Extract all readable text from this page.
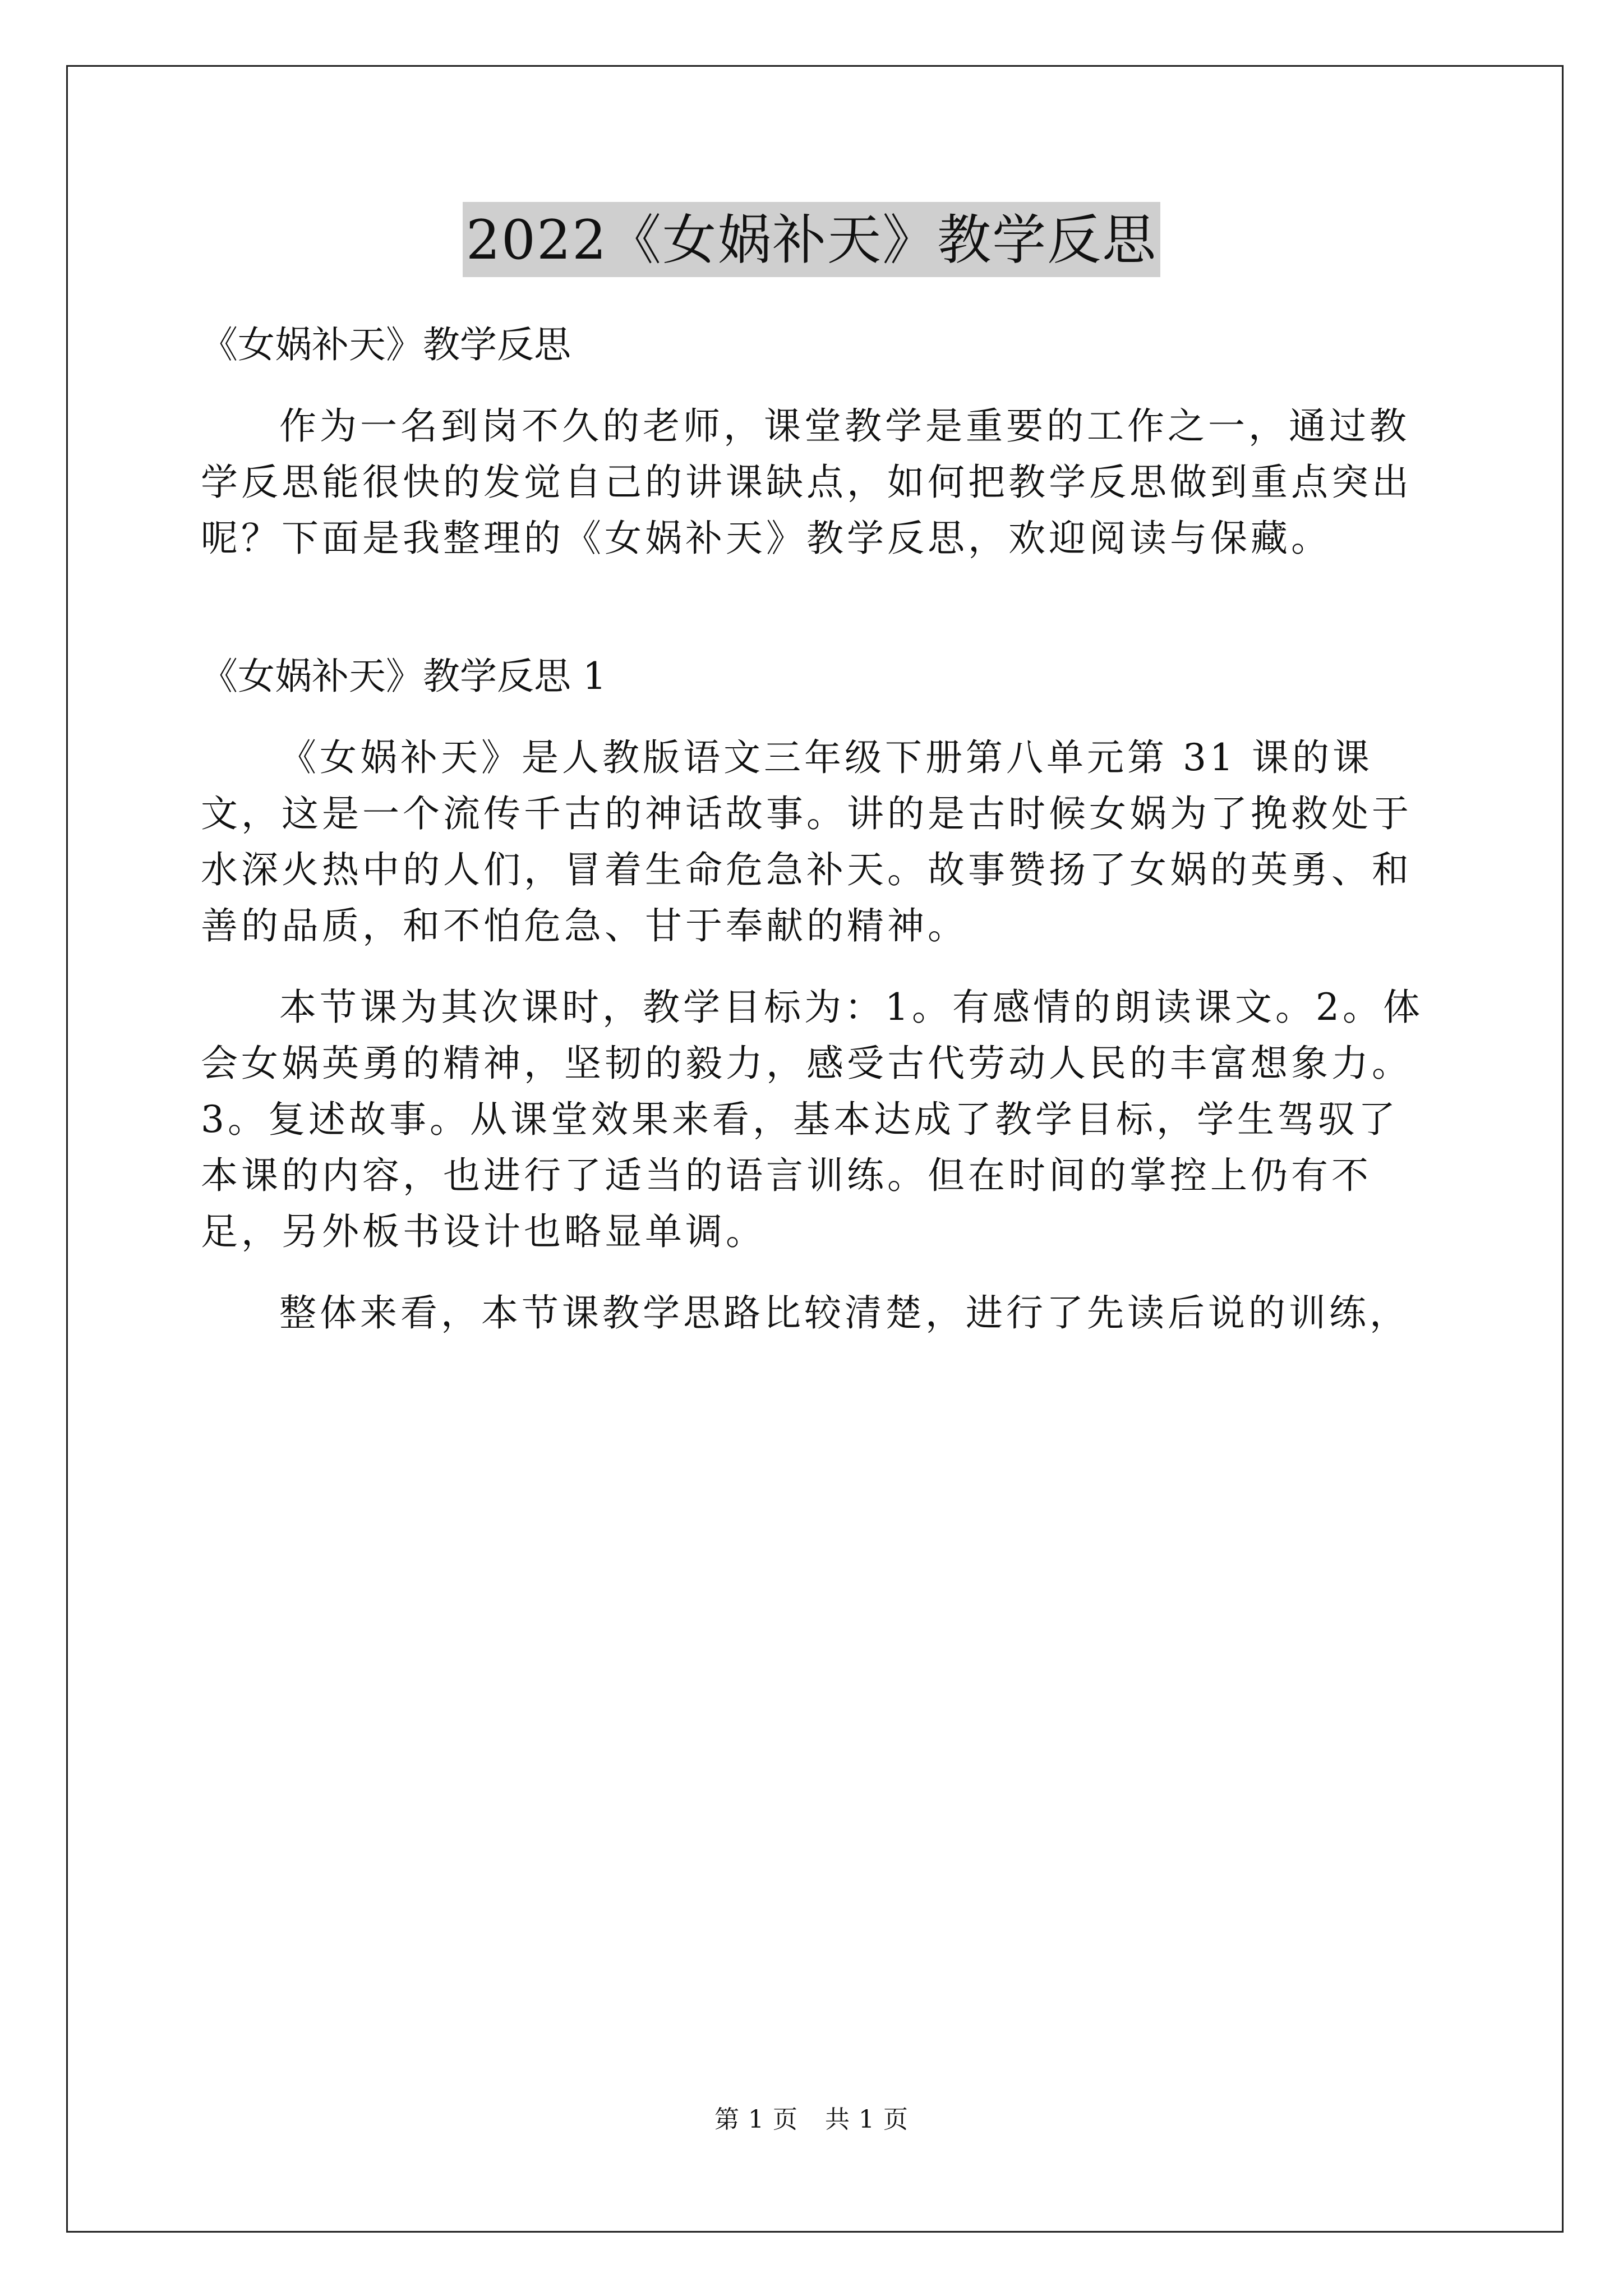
2022《女娲补天》教学反思

《女娲补天》教学反思

作为一名到岗不久的老师，课堂教学是重要的工作之一，通过教学反思能很快的发觉自己的讲课缺点，如何把教学反思做到重点突出呢？下面是我整理的《女娲补天》教学反思，欢迎阅读与保藏。

《女娲补天》教学反思 1

《女娲补天》是人教版语文三年级下册第八单元第 31 课的课文，这是一个流传千古的神话故事。讲的是古时候女娲为了挽救处于水深火热中的人们，冒着生命危急补天。故事赞扬了女娲的英勇、和善的品质，和不怕危急、甘于奉献的精神。

本节课为其次课时，教学目标为：1。有感情的朗读课文。2。体会女娲英勇的精神，坚韧的毅力，感受古代劳动人民的丰富想象力。3。复述故事。从课堂效果来看，基本达成了教学目标，学生驾驭了本课的内容，也进行了适当的语言训练。但在时间的掌控上仍有不足，另外板书设计也略显单调。

整体来看，本节课教学思路比较清楚，进行了先读后说的训练，

第 1 页 共 1 页
